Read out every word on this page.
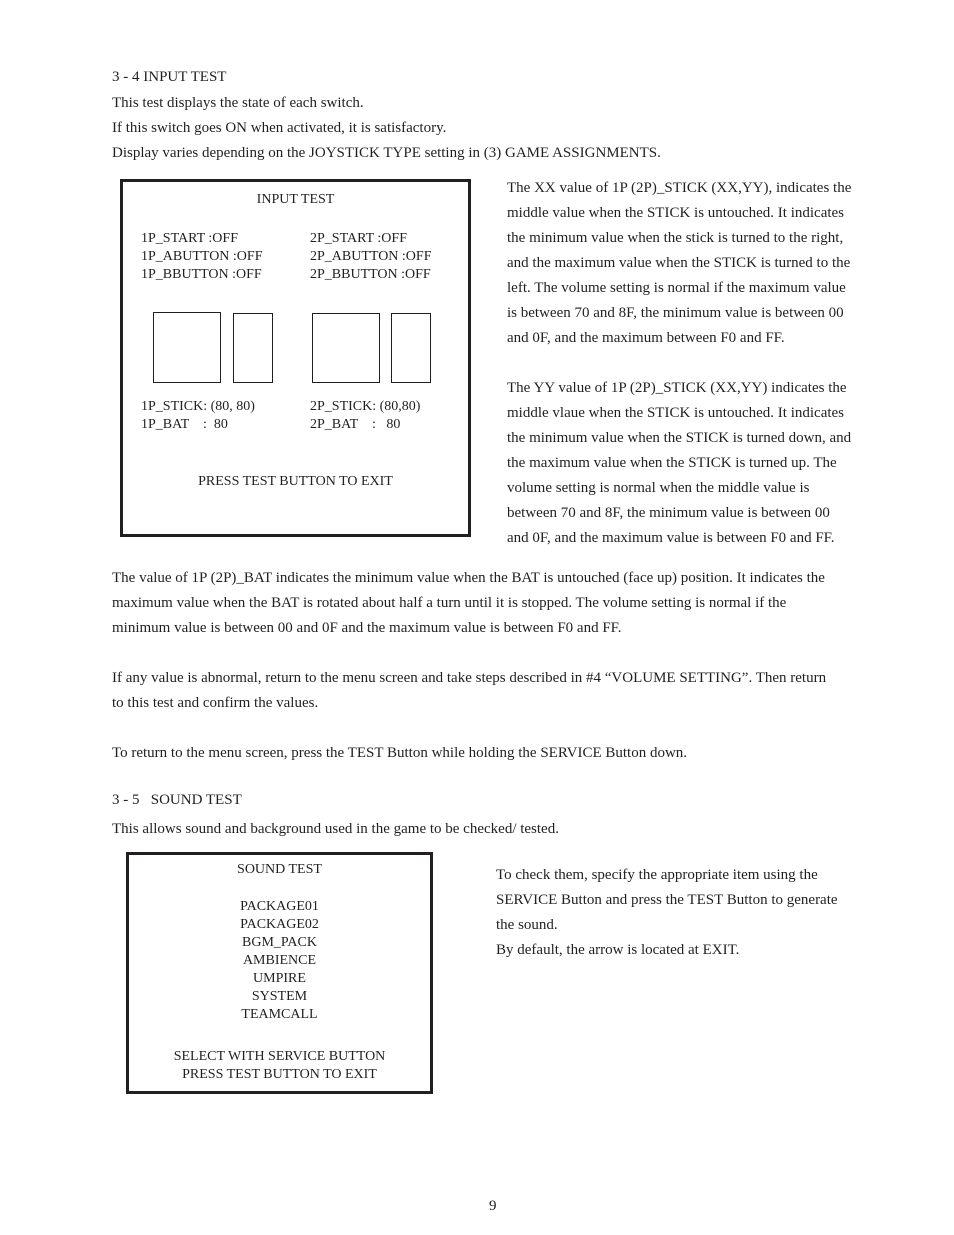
3 - 4 INPUT TEST
This test displays the state of each switch.
If this switch goes ON when activated, it is satisfactory.
Display varies depending on the JOYSTICK TYPE setting in (3) GAME ASSIGNMENTS.
INPUT TEST
1P_START :OFF
1P_ABUTTON :OFF
1P_BBUTTON :OFF
2P_START :OFF
2P_ABUTTON :OFF
2P_BBUTTON :OFF
1P_STICK: (80, 80)
1P_BAT    :  80
2P_STICK: (80,80)
2P_BAT    :   80
PRESS TEST BUTTON TO EXIT
The XX value of 1P (2P)_STICK (XX,YY), indicates the
middle value when the STICK is untouched. It indicates
the minimum value when the stick is turned to the right,
and the maximum value when the STICK is turned to the
left. The volume setting is normal if the maximum value
is between 70 and 8F, the minimum value is between 00
and 0F, and the maximum between F0 and FF.
The YY value of 1P (2P)_STICK (XX,YY) indicates the
middle vlaue when the STICK is untouched. It indicates
the minimum value when the STICK is turned down, and
the maximum value when the STICK is turned up. The
volume setting is normal when the middle value is
between 70 and 8F, the minimum value is between 00
and 0F, and the maximum value is between F0 and FF.
The value of 1P (2P)_BAT indicates the minimum value when the BAT is untouched (face up) position. It indicates the
maximum value when the BAT is rotated about half a turn until it is stopped. The volume setting is normal if the
minimum value is between 00 and 0F and the maximum value is between F0 and FF.
If any value is abnormal, return to the menu screen and take steps described in #4 “VOLUME SETTING”. Then return
to this test and confirm the values.
To return to the menu screen, press the TEST Button while holding the SERVICE Button down.
3 - 5   SOUND TEST
This allows sound and background used in the game to be checked/ tested.
SOUND TEST
PACKAGE01
PACKAGE02
BGM_PACK
AMBIENCE
UMPIRE
SYSTEM
TEAMCALL
SELECT WITH SERVICE BUTTON
PRESS TEST BUTTON TO EXIT
To check them, specify the appropriate item using the
SERVICE Button and press the TEST Button to generate
the sound.
By default, the arrow is located at EXIT.
9
